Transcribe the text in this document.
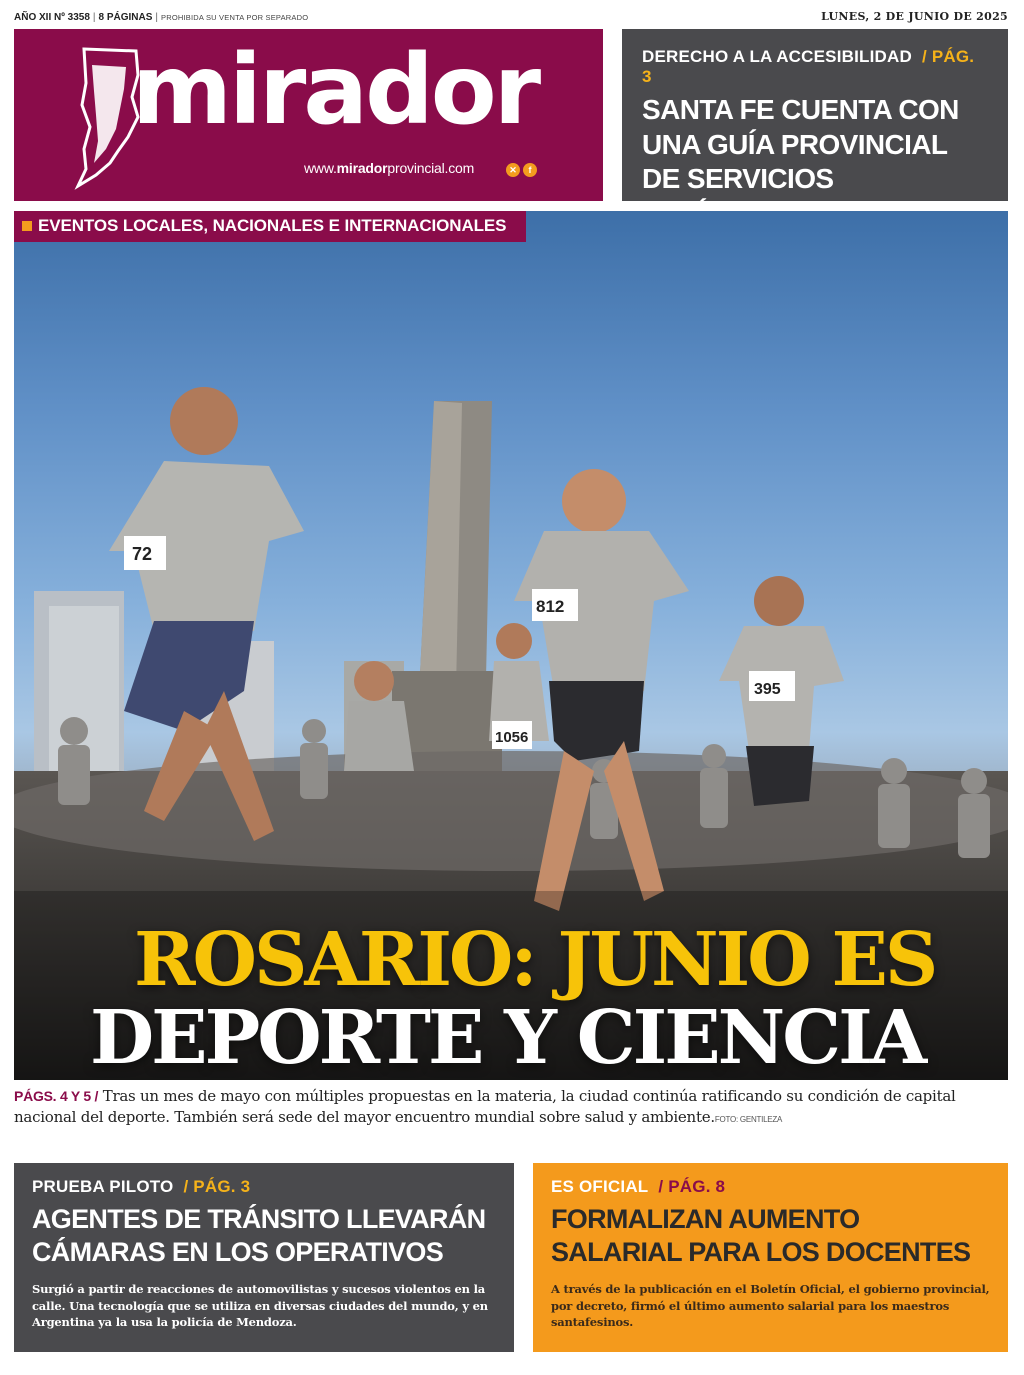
AÑO XII Nº 3358 | 8 PÁGINAS | PROHIBIDA SU VENTA POR SEPARADO	LUNES, 2 DE JUNIO DE 2025
mirador
www.miradorprovincial.com	✕	f
DERECHO A LA ACCESIBILIDAD / PÁG. 3
SANTA FE CUENTA CON UNA GUÍA PROVINCIAL DE SERVICIOS
72
812
395
1056
EVENTOS LOCALES, NACIONALES E INTERNACIONALES
ROSARIO: JUNIO ES
DEPORTE Y CIENCIA
PÁGS. 4 Y 5 / Tras un mes de mayo con múltiples propuestas en la materia, la ciudad continúa ratificando su condición de capital nacional del deporte. También será sede del mayor encuentro mundial sobre salud y ambiente.FOTO: GENTILEZA
PRUEBA PILOTO / PÁG. 3
AGENTES DE TRÁNSITO LLEVARÁN CÁMARAS EN LOS OPERATIVOS
Surgió a partir de reacciones de automovilistas y sucesos violentos en la calle. Una tecnología que se utiliza en diversas ciudades del mundo, y en Argentina ya la usa la policía de Mendoza.
ES OFICIAL / PÁG. 8
FORMALIZAN AUMENTO SALARIAL PARA LOS DOCENTES
A través de la publicación en el Boletín Oficial, el gobierno provincial, por decreto, firmó el último aumento salarial para los maestros santafesinos.
